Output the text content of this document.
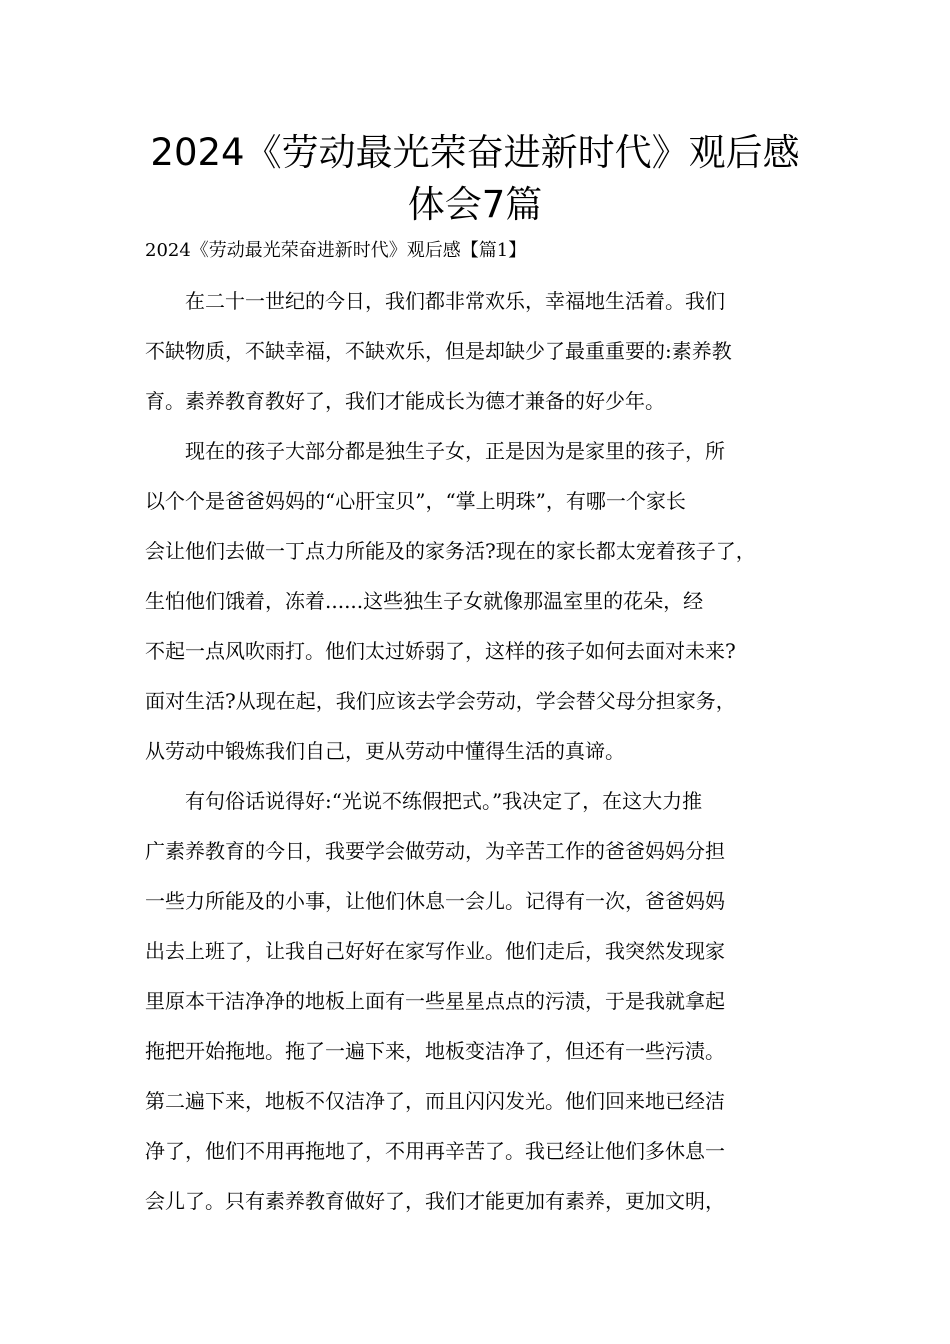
2024《劳动最光荣奋进新时代》观后感
体会7篇
2024《劳动最光荣奋进新时代》观后感【篇1】
　　在二十一世纪的今日，我们都非常欢乐，幸福地生活着。我们
不缺物质，不缺幸福，不缺欢乐，但是却缺少了最重重要的:素养教
育。素养教育教好了，我们才能成长为德才兼备的好少年。
　　现在的孩子大部分都是独生子女，正是因为是家里的孩子，所
以个个是爸爸妈妈的“心肝宝贝”，“掌上明珠”，有哪一个家长
会让他们去做一丁点力所能及的家务活?现在的家长都太宠着孩子了，
生怕他们饿着，冻着......这些独生子女就像那温室里的花朵，经
不起一点风吹雨打。他们太过娇弱了，这样的孩子如何去面对未来?
面对生活?从现在起，我们应该去学会劳动，学会替父母分担家务，
从劳动中锻炼我们自己，更从劳动中懂得生活的真谛。
　　有句俗话说得好:“光说不练假把式。”我决定了，在这大力推
广素养教育的今日，我要学会做劳动，为辛苦工作的爸爸妈妈分担
一些力所能及的小事，让他们休息一会儿。记得有一次，爸爸妈妈
出去上班了，让我自己好好在家写作业。他们走后，我突然发现家
里原本干洁净净的地板上面有一些星星点点的污渍，于是我就拿起
拖把开始拖地。拖了一遍下来，地板变洁净了，但还有一些污渍。
第二遍下来，地板不仅洁净了，而且闪闪发光。他们回来地已经洁
净了，他们不用再拖地了，不用再辛苦了。我已经让他们多休息一
会儿了。只有素养教育做好了，我们才能更加有素养，更加文明，
